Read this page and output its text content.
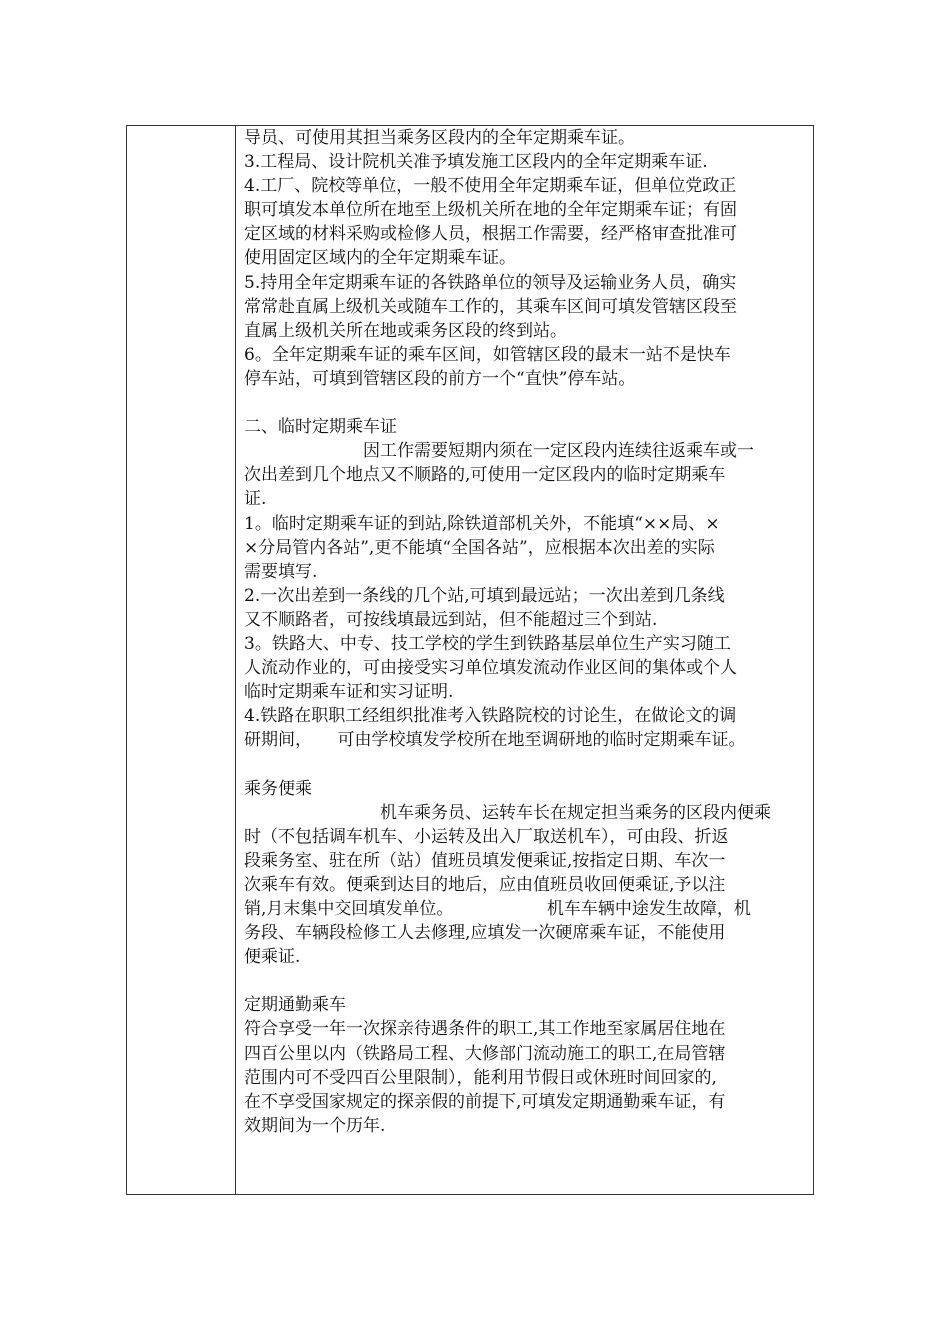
导员、可使用其担当乘务区段内的全年定期乘车证。
3.工程局、设计院机关准予填发施工区段内的全年定期乘车证.
4.工厂、院校等单位，一般不使用全年定期乘车证，但单位党政正
职可填发本单位所在地至上级机关所在地的全年定期乘车证；有固
定区域的材料采购或检修人员，根据工作需要，经严格审查批准可
使用固定区域内的全年定期乘车证。
5.持用全年定期乘车证的各铁路单位的领导及运输业务人员，确实
常常赴直属上级机关或随车工作的，其乘车区间可填发管辖区段至
直属上级机关所在地或乘务区段的终到站。
6。全年定期乘车证的乘车区间，如管辖区段的最末一站不是快车
停车站，可填到管辖区段的前方一个“直快”停车站。

二、临时定期乘车证
　　　　　　　因工作需要短期内须在一定区段内连续往返乘车或一
次出差到几个地点又不顺路的,可使用一定区段内的临时定期乘车
证.
1。临时定期乘车证的到站,除铁道部机关外，不能填“××局、×
×分局管内各站”,更不能填“全国各站”，应根据本次出差的实际
需要填写.
2.一次出差到一条线的几个站,可填到最远站；一次出差到几条线
又不顺路者，可按线填最远到站，但不能超过三个到站.
3。铁路大、中专、技工学校的学生到铁路基层单位生产实习随工
人流动作业的，可由接受实习单位填发流动作业区间的集体或个人
临时定期乘车证和实习证明.
4.铁路在职职工经组织批准考入铁路院校的讨论生，在做论文的调
研期间，　　可由学校填发学校所在地至调研地的临时定期乘车证。

乘务便乘
　　　　　　　　机车乘务员、运转车长在规定担当乘务的区段内便乘
时（不包括调车机车、小运转及出入厂取送机车），可由段、折返
段乘务室、驻在所（站）值班员填发便乘证,按指定日期、车次一
次乘车有效。便乘到达目的地后，应由值班员收回便乘证,予以注
销,月末集中交回填发单位。　　　　　　机车车辆中途发生故障，机
务段、车辆段检修工人去修理,应填发一次硬席乘车证，不能使用
便乘证.

定期通勤乘车
符合享受一年一次探亲待遇条件的职工,其工作地至家属居住地在
四百公里以内（铁路局工程、大修部门流动施工的职工,在局管辖
范围内可不受四百公里限制），能利用节假日或休班时间回家的,
在不享受国家规定的探亲假的前提下,可填发定期通勤乘车证，有
效期间为一个历年.
